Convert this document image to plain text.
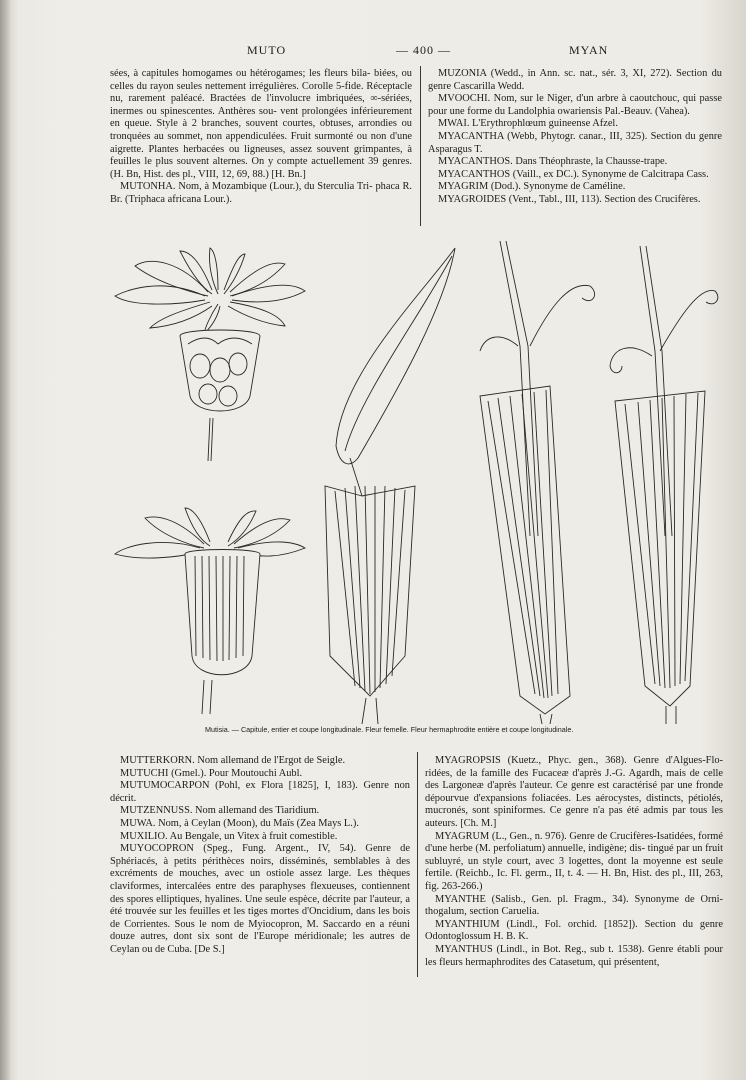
MUTO	— 400 —	MYAN

sées, à capitules homogames ou hétérogames; les fleurs bila- biées, ou celles du rayon seules nettement irrégulières. Corolle 5-fide. Réceptacle nu, rarement paléacé. Bractées de l'involucre imbriquées, ∞-sériées, inermes ou spinescentes. Anthères sou- vent prolongées inférieurement en queue. Style à 2 branches, souvent courtes, obtuses, arrondies ou tronquées au sommet, non appendiculées. Fruit surmonté ou non d'une aigrette. Plantes herbacées ou ligneuses, assez souvent grimpantes, à feuilles le plus souvent alternes. On y compte actuellement 39 genres. (H. Bn, Hist. des pl., VIII, 12, 69, 88.) [H. Bn.]

MUTONHA. Nom, à Mozambique (Lour.), du Sterculia Tri- phaca R. Br. (Triphaca africana Lour.).

MUZONIA (Wedd., in Ann. sc. nat., sér. 3, XI, 272). Section du genre Cascarilla Wedd.

MVOOCHI. Nom, sur le Niger, d'un arbre à caoutchouc, qui passe pour une forme du Landolphia owariensis Pal.-Beauv. (Vahea).

MWAI. L'Erythrophlœum guineense Afzel.

MYACANTHA (Webb, Phytogr. canar., III, 325). Section du genre Asparagus T.

MYACANTHOS. Dans Théophraste, la Chausse-trape.

MYACANTHOS (Vaill., ex DC.). Synonyme de Calcitrapa Cass.

MYAGRIM (Dod.). Synonyme de Caméline.

MYAGROIDES (Vent., Tabl., III, 113). Section des Crucifères.

Mutisia. — Capitule, entier et coupe longitudinale. Fleur femelle. Fleur hermaphrodite entière et coupe longitudinale.

MUTTERKORN. Nom allemand de l'Ergot de Seigle.

MUTUCHI (Gmel.). Pour Moutouchi Aubl.

MUTUMOCARPON (Pohl, ex Flora [1825], I, 183). Genre non décrit.

MUTZENNUSS. Nom allemand des Tiaridium.

MUWA. Nom, à Ceylan (Moon), du Maïs (Zea Mays L.).

MUXILIO. Au Bengale, un Vitex à fruit comestible.

MUYOCOPRON (Speg., Fung. Argent., IV, 54). Genre de Sphériacés, à petits périthèces noirs, disséminés, semblables à des excréments de mouches, avec un ostiole assez large. Les thèques claviformes, intercalées entre des paraphyses flexueuses, contiennent des spores elliptiques, hyalines. Une seule espèce, décrite par l'auteur, a été trouvée sur les feuilles et les tiges mortes d'Oncidium, dans les bois de Corrientes. Sous le nom de Myiocopron, M. Saccardo en a réuni douze autres, dont six sont de l'Europe méridionale; les autres de Ceylan ou de Cuba. [De S.]

MYAGROPSIS (Kuetz., Phyc. gen., 368). Genre d'Algues-Flo- ridées, de la famille des Fucaceæ d'après J.-G. Agardh, mais de celle des Largoneæ d'après l'auteur. Ce genre est caractérisé par une fronde dépourvue d'expansions foliacées. Les aérocystes, distincts, pétiolés, mucronés, sont spiniformes. Ce genre n'a pas été admis par tous les auteurs. [Ch. M.]

MYAGRUM (L., Gen., n. 976). Genre de Crucifères-Isatidées, formé d'une herbe (M. perfoliatum) annuelle, indigène; dis- tingué par un fruit subluyré, un style court, avec 3 logettes, dont la moyenne est seule fertile. (Reichb., Ic. Fl. germ., II, t. 4. — H. Bn, Hist. des pl., III, 263, fig. 263-266.)

MYANTHE (Salisb., Gen. pl. Fragm., 34). Synonyme de Orni- thogalum, section Caruelia.

MYANTHIUM (Lindl., Fol. orchid. [1852]). Section du genre Odontoglossum H. B. K.

MYANTHUS (Lindl., in Bot. Reg., sub t. 1538). Genre établi pour les fleurs hermaphrodites des Catasetum, qui présentent,
